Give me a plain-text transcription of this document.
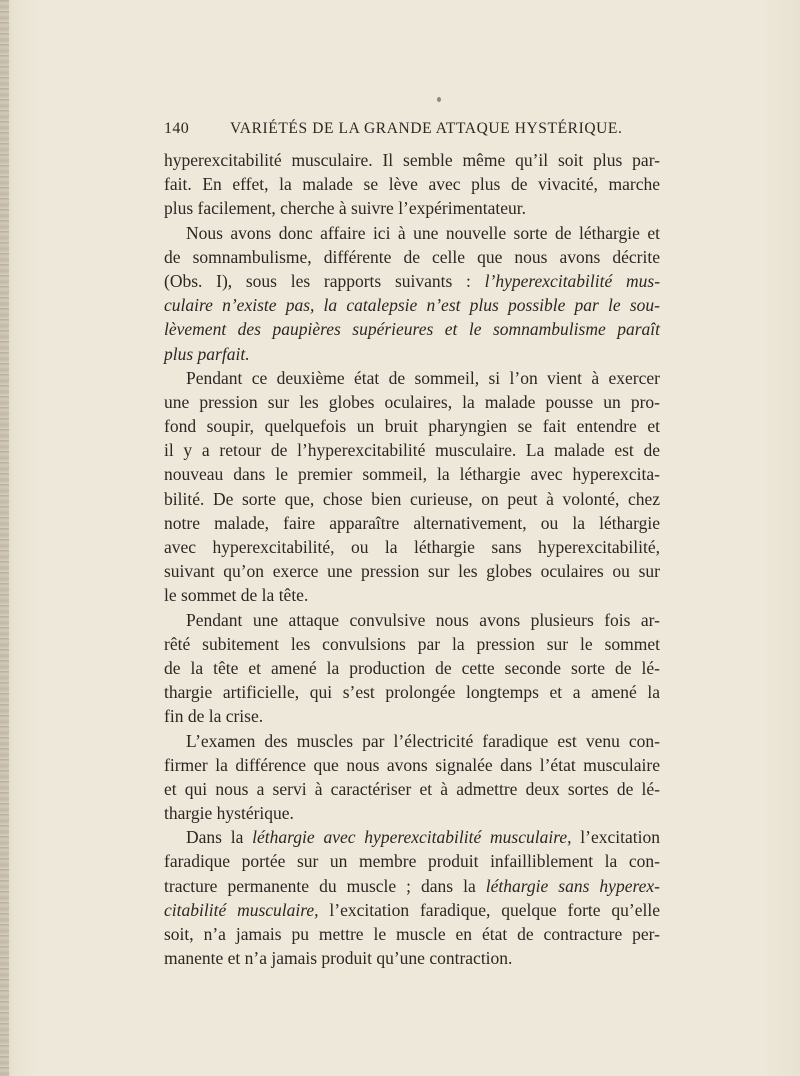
140	VARIÉTÉS DE LA GRANDE ATTAQUE HYSTÉRIQUE.
hyperexcitabilité musculaire. Il semble même qu’il soit plus par-
fait. En effet, la malade se lève avec plus de vivacité, marche
plus facilement, cherche à suivre l’expérimentateur.
Nous avons donc affaire ici à une nouvelle sorte de léthargie et
de somnambulisme, différente de celle que nous avons décrite
(Obs. I), sous les rapports suivants : l’hyperexcitabilité mus-
culaire n’existe pas, la catalepsie n’est plus possible par le sou-
lèvement des paupières supérieures et le somnambulisme paraît
plus parfait.
Pendant ce deuxième état de sommeil, si l’on vient à exercer
une pression sur les globes oculaires, la malade pousse un pro-
fond soupir, quelquefois un bruit pharyngien se fait entendre et
il y a retour de l’hyperexcitabilité musculaire. La malade est de
nouveau dans le premier sommeil, la léthargie avec hyperexcita-
bilité. De sorte que, chose bien curieuse, on peut à volonté, chez
notre malade, faire apparaître alternativement, ou la léthargie
avec hyperexcitabilité, ou la léthargie sans hyperexcitabilité,
suivant qu’on exerce une pression sur les globes oculaires ou sur
le sommet de la tête.
Pendant une attaque convulsive nous avons plusieurs fois ar-
rêté subitement les convulsions par la pression sur le sommet
de la tête et amené la production de cette seconde sorte de lé-
thargie artificielle, qui s’est prolongée longtemps et a amené la
fin de la crise.
L’examen des muscles par l’électricité faradique est venu con-
firmer la différence que nous avons signalée dans l’état musculaire
et qui nous a servi à caractériser et à admettre deux sortes de lé-
thargie hystérique.
Dans la léthargie avec hyperexcitabilité musculaire, l’excitation
faradique portée sur un membre produit infailliblement la con-
tracture permanente du muscle ; dans la léthargie sans hyperex-
citabilité musculaire, l’excitation faradique, quelque forte qu’elle
soit, n’a jamais pu mettre le muscle en état de contracture per-
manente et n’a jamais produit qu’une contraction.
